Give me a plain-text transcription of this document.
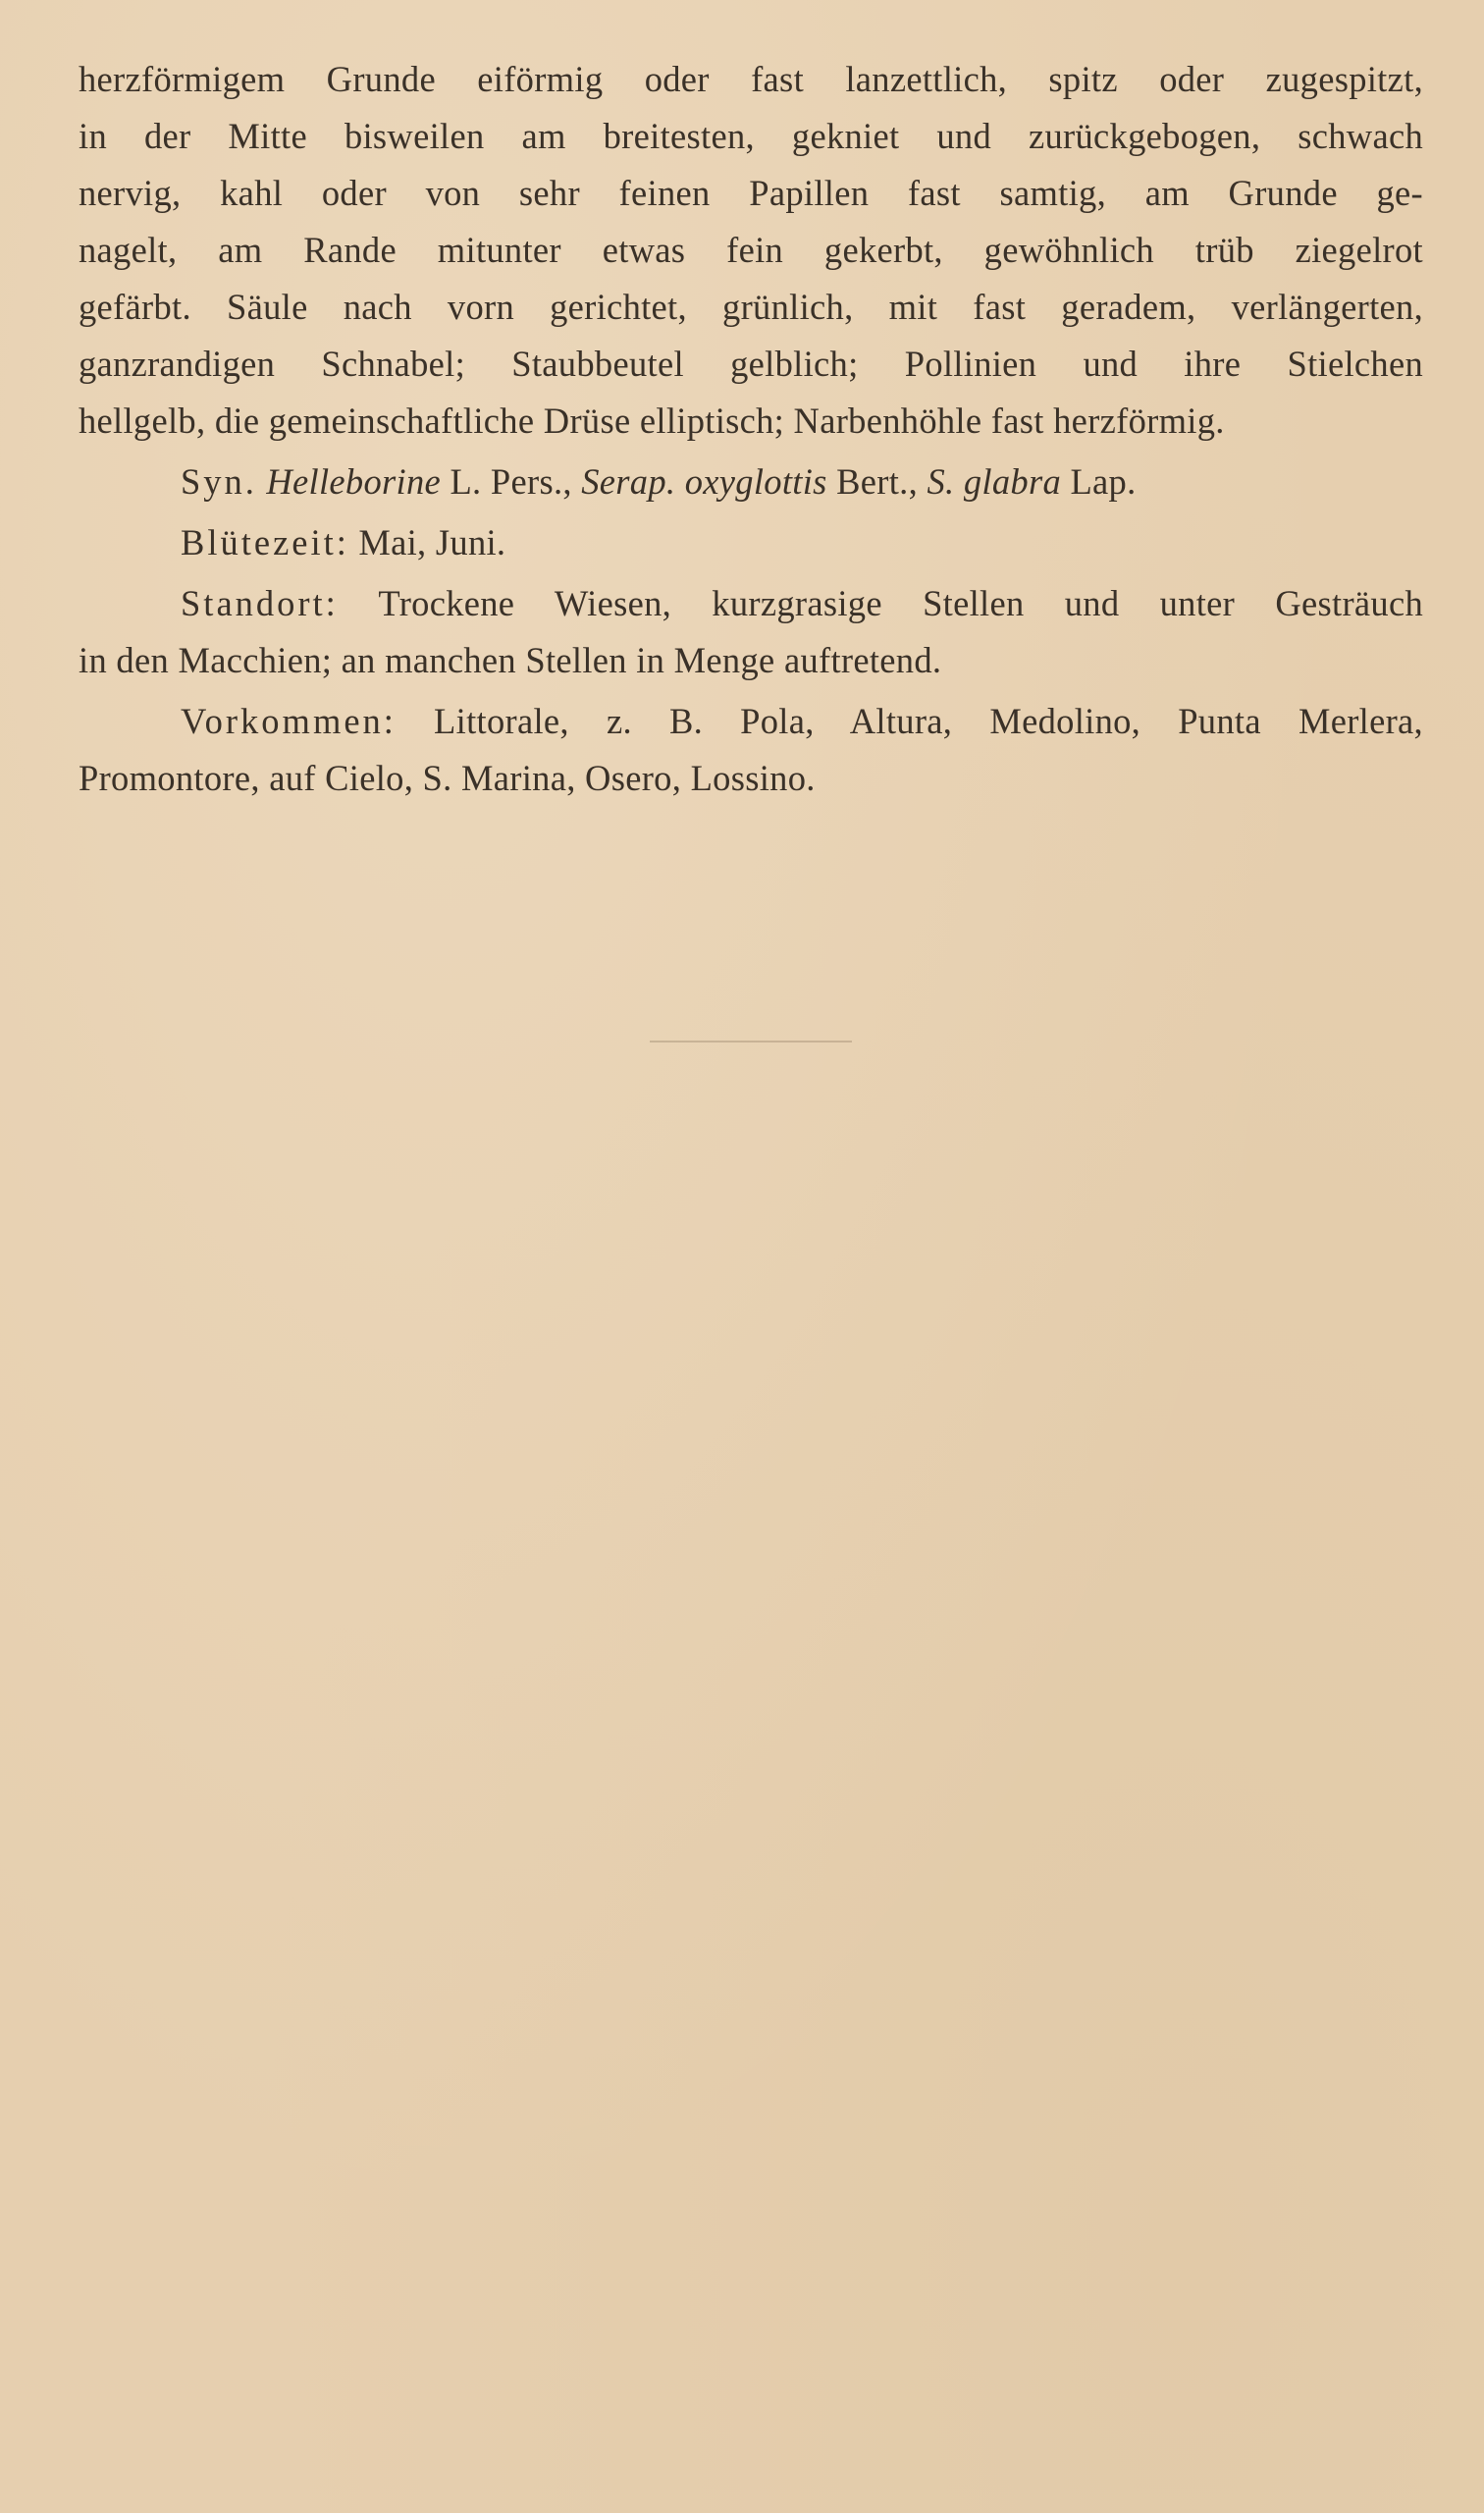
herzförmigem Grunde eiförmig oder fast lanzettlich, spitz oder zugespitzt,
in der Mitte bisweilen am breitesten, gekniet und zurückgebogen, schwach
nervig, kahl oder von sehr feinen Papillen fast samtig, am Grunde ge-
nagelt, am Rande mitunter etwas fein gekerbt, gewöhnlich trüb ziegelrot
gefärbt. Säule nach vorn gerichtet, grünlich, mit fast geradem, verlängerten,
ganzrandigen Schnabel; Staubbeutel gelblich; Pollinien und ihre Stielchen
hellgelb, die gemeinschaftliche Drüse elliptisch; Narbenhöhle fast herzförmig.

Syn. Helleborine L. Pers., Serap. oxyglottis Bert., S. glabra Lap.

Blütezeit: Mai, Juni.

Standort: Trockene Wiesen, kurzgrasige Stellen und unter Gesträuch
in den Macchien; an manchen Stellen in Menge auftretend.

Vorkommen: Littorale, z. B. Pola, Altura, Medolino, Punta Merlera,
Promontore, auf Cielo, S. Marina, Osero, Lossino.
